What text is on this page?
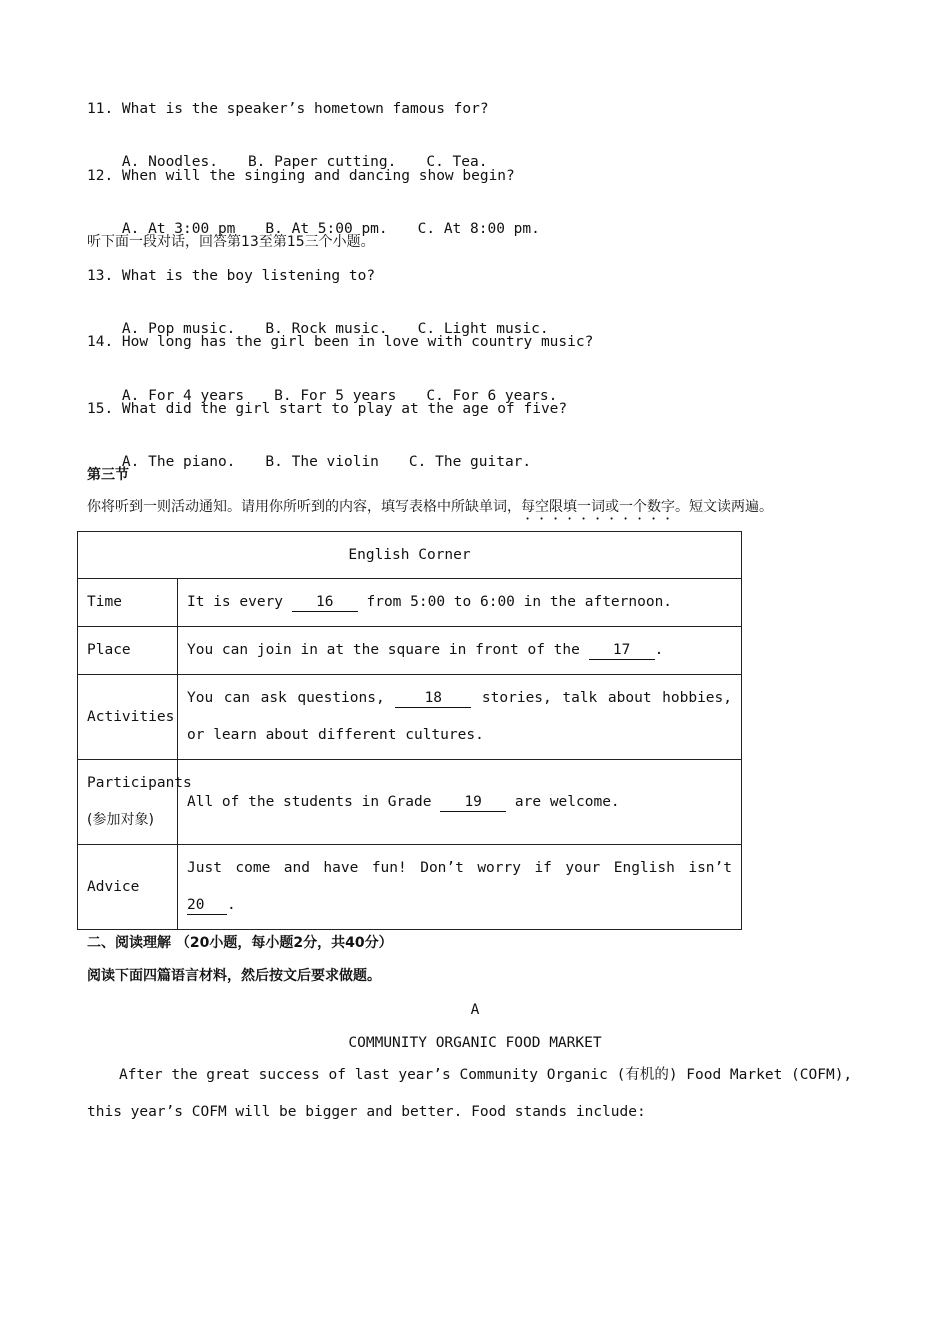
11. What is the speaker’s hometown famous for?

A. Noodles. B. Paper cutting. C. Tea.

12. When will the singing and dancing show begin?

A. At 3:00 pm B. At 5:00 pm. C. At 8:00 pm.

听下面一段对话，回答第13至第15三个小题。
13. What is the boy listening to?

A. Pop music. B. Rock music. C. Light music.

14. How long has the girl been in love with country music?

A. For 4 years B. For 5 years C. For 6 years.

15. What did the girl start to play at the age of five?

A. The piano. B. The violin C. The guitar.

第三节
你将听到一则活动通知。请用你所听到的内容，填写表格中所缺单词，每空限填一词或一个数字。短文读两遍。
English Corner	
Time	It is every 16 from 5:00 to 6:00 in the afternoon.
Place	You can join in at the square in front of the 17 .
Activities	You can ask questions, 18 stories, talk about hobbies, or learn about different cultures.
Participants
(参加对象)	All of the students in Grade 19 are welcome.
Advice	Just come and have fun! Don’t worry if your English isn’t 20 .
二、阅读理解 （20小题，每小题2分，共40分）
阅读下面四篇语言材料，然后按文后要求做题。
A
COMMUNITY ORGANIC FOOD MARKET
After the great success of last year’s Community Organic (有机的) Food Market (COFM), this year’s COFM will be bigger and better. Food stands include:
